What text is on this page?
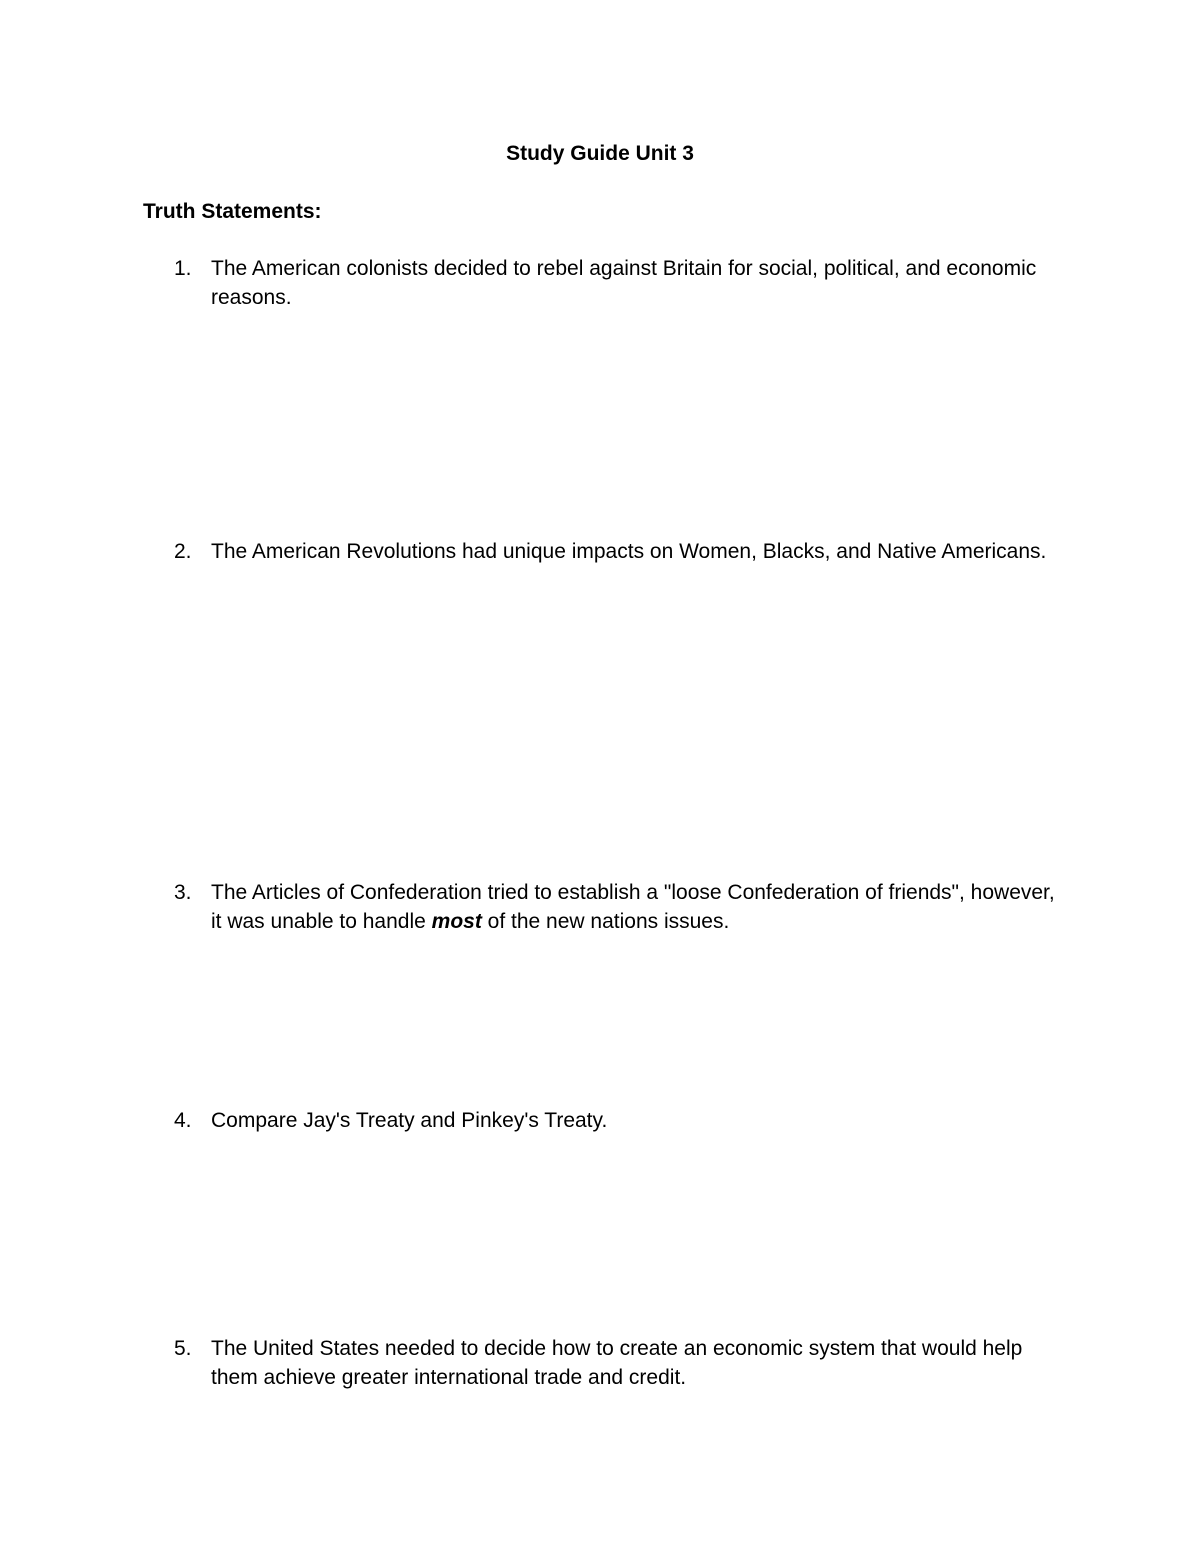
Study Guide Unit 3
Truth Statements:
1. The American colonists decided to rebel against Britain for social, political, and economic reasons.
2. The American Revolutions had unique impacts on Women, Blacks, and Native Americans.
3. The Articles of Confederation tried to establish a "loose Confederation of friends", however, it was unable to handle most of the new nations issues.
4. Compare Jay's Treaty and Pinkey's Treaty.
5. The United States needed to decide how to create an economic system that would help them achieve greater international trade and credit.
